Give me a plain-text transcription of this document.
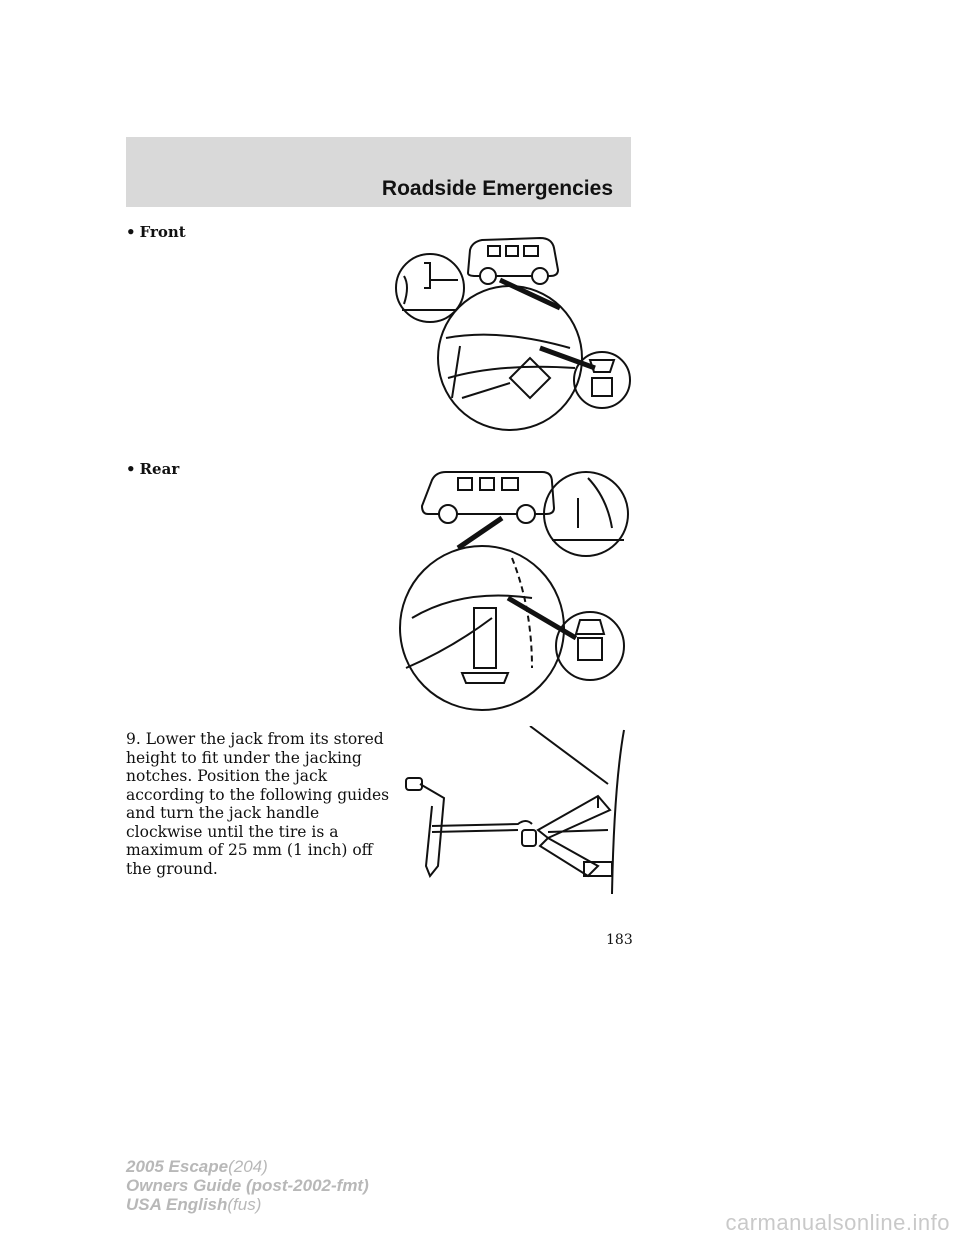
Roadside Emergencies
• Front
• Rear
9. Lower the jack from its stored height to fit under the jacking notches. Position the jack according to the following guides and turn the jack handle clockwise until the tire is a maximum of 25 mm (1 inch) off the ground.
183
2005 Escape(204)
Owners Guide (post-2002-fmt)
USA English(fus)
carmanualsonline.info
